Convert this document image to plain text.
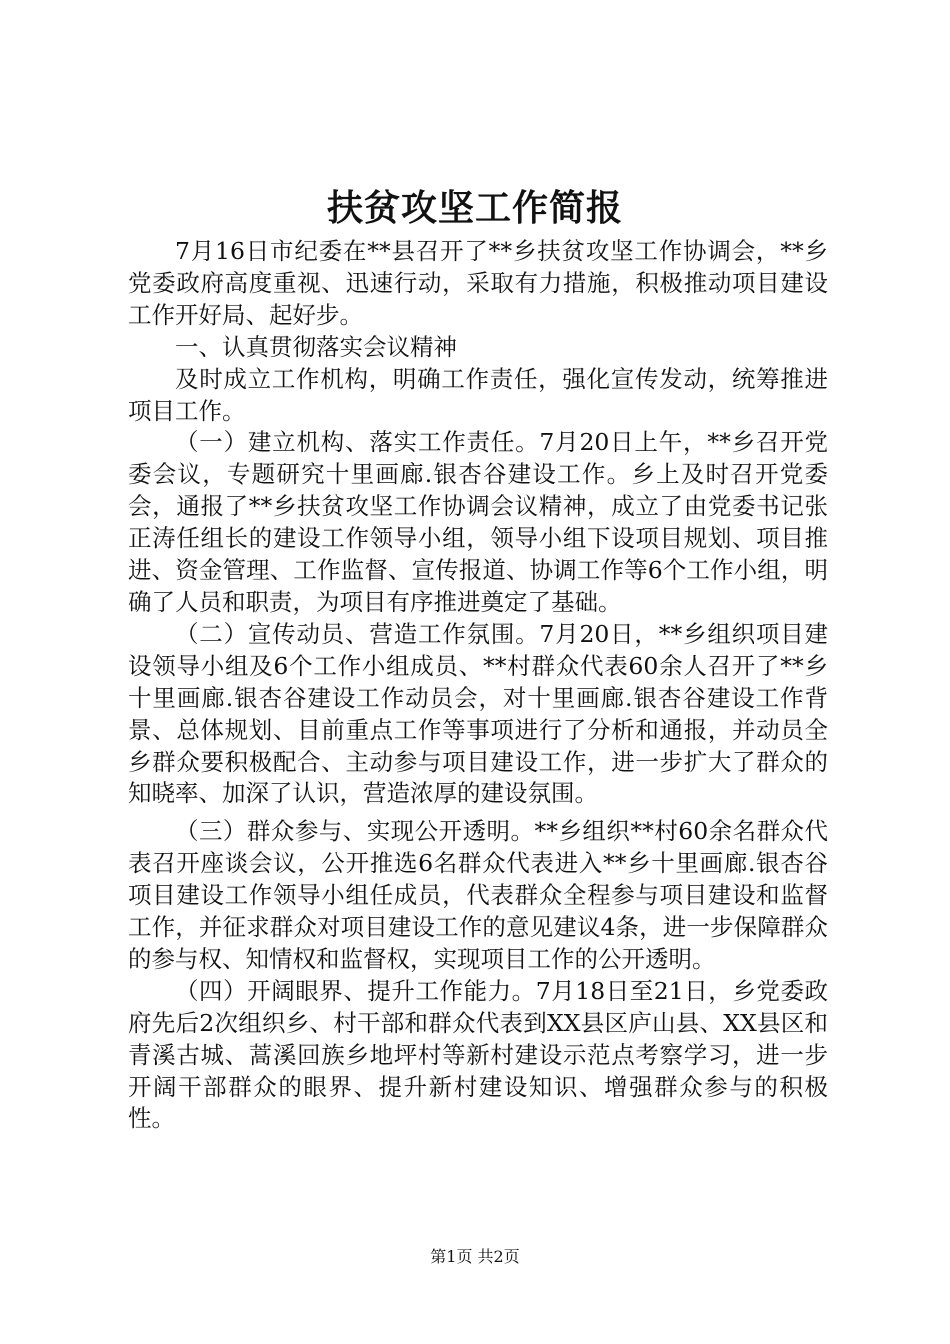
扶贫攻坚工作简报

7月16日市纪委在**县召开了**乡扶贫攻坚工作协调会，**乡党委政府高度重视、迅速行动，采取有力措施，积极推动项目建设工作开好局、起好步。

一、认真贯彻落实会议精神

及时成立工作机构，明确工作责任，强化宣传发动，统筹推进项目工作。

（一）建立机构、落实工作责任。7月20日上午，**乡召开党委会议，专题研究十里画廊.银杏谷建设工作。乡上及时召开党委会，通报了**乡扶贫攻坚工作协调会议精神，成立了由党委书记张正涛任组长的建设工作领导小组，领导小组下设项目规划、项目推进、资金管理、工作监督、宣传报道、协调工作等6个工作小组，明确了人员和职责，为项目有序推进奠定了基础。

（二）宣传动员、营造工作氛围。7月20日，**乡组织项目建设领导小组及6个工作小组成员、**村群众代表60余人召开了**乡十里画廊.银杏谷建设工作动员会，对十里画廊.银杏谷建设工作背景、总体规划、目前重点工作等事项进行了分析和通报，并动员全乡群众要积极配合、主动参与项目建设工作，进一步扩大了群众的知晓率、加深了认识，营造浓厚的建设氛围。

（三）群众参与、实现公开透明。**乡组织**村60余名群众代表召开座谈会议，公开推选6名群众代表进入**乡十里画廊.银杏谷项目建设工作领导小组任成员，代表群众全程参与项目建设和监督工作，并征求群众对项目建设工作的意见建议4条，进一步保障群众的参与权、知情权和监督权，实现项目工作的公开透明。

（四）开阔眼界、提升工作能力。7月18日至21日，乡党委政府先后2次组织乡、村干部和群众代表到XX县区庐山县、XX县区和青溪古城、蒿溪回族乡地坪村等新村建设示范点考察学习，进一步开阔干部群众的眼界、提升新村建设知识、增强群众参与的积极性。

第1页 共2页
